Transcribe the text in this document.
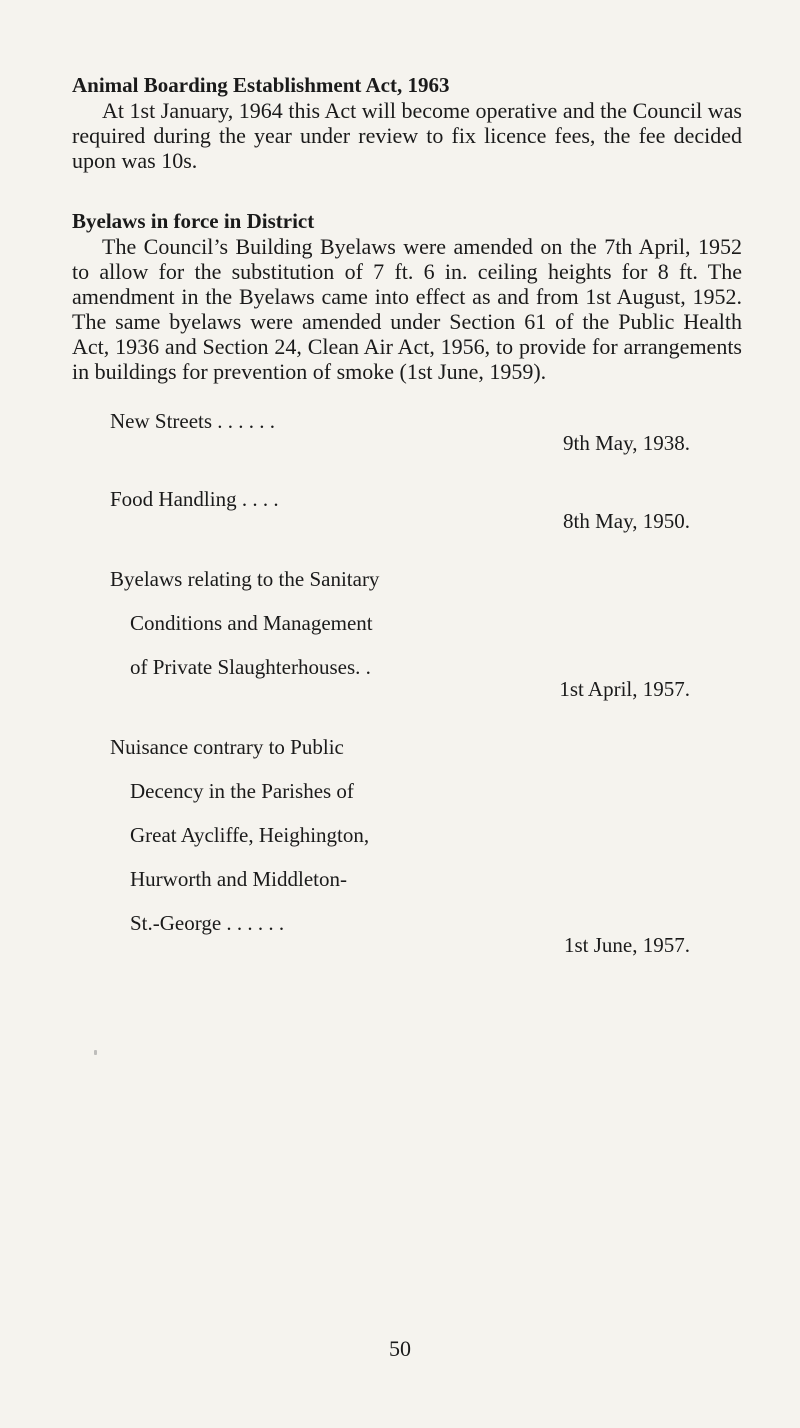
Animal Boarding Establishment Act, 1963

At 1st January, 1964 this Act will become operative and the Council was required during the year under review to fix licence fees, the fee decided upon was 10s.

Byelaws in force in District

The Council’s Building Byelaws were amended on the 7th April, 1952 to allow for the substitution of 7 ft. 6 in. ceiling heights for 8 ft. The amendment in the Byelaws came into effect as and from 1st August, 1952. The same byelaws were amended under Section 61 of the Public Health Act, 1936 and Section 24, Clean Air Act, 1956, to provide for arrangements in buildings for prevention of smoke (1st June, 1959).

New Streets . . . . . .

9th May, 1938.

Food Handling . . . .

8th May, 1950.

Byelaws relating to the Sanitary

Conditions and Management

of Private Slaughterhouses. .

1st April, 1957.

Nuisance contrary to Public

Decency in the Parishes of

Great Aycliffe, Heighington,

Hurworth and Middleton-

St.-George . . . . . .

1st June, 1957.
50
